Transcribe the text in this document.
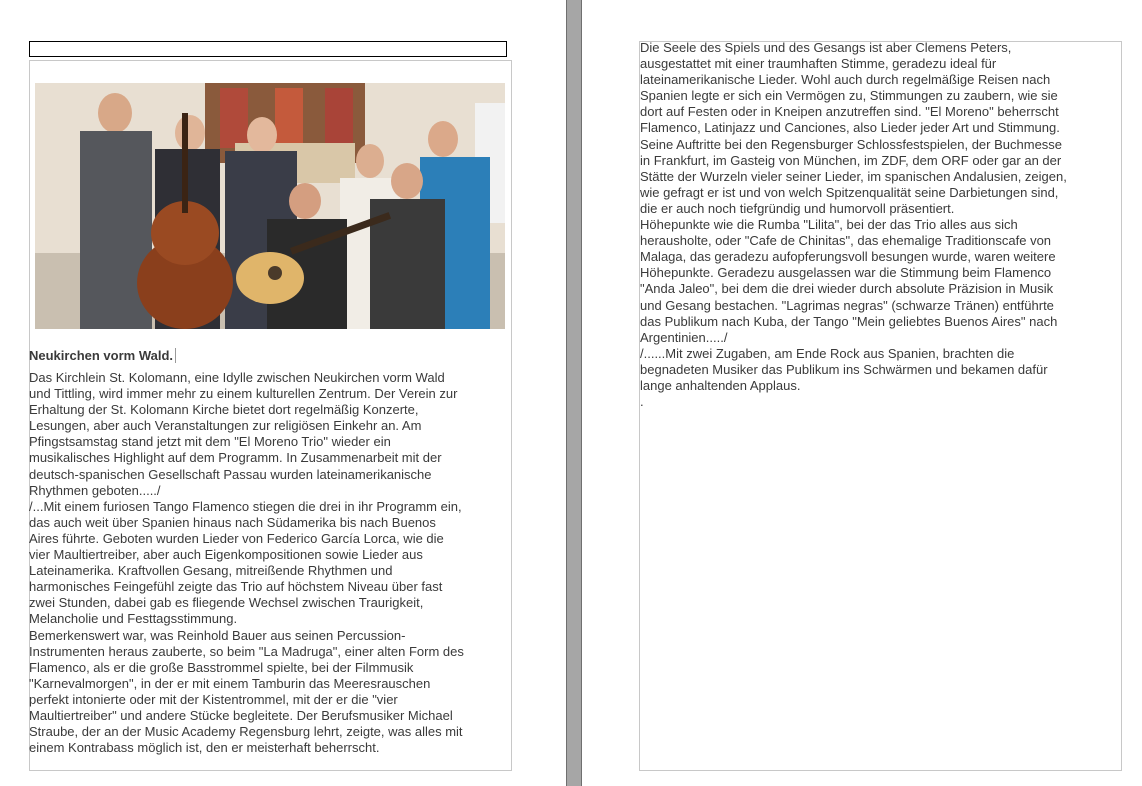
Neukirchen vorm Wald.

Das Kirchlein St. Kolomann, eine Idylle zwischen Neukirchen vorm Wald
und Tittling, wird immer mehr zu einem kulturellen Zentrum. Der Verein zur
Erhaltung der St. Kolomann Kirche bietet dort regelmäßig Konzerte,
Lesungen, aber auch Veranstaltungen zur religiösen Einkehr an. Am
Pfingstsamstag stand jetzt mit dem "El Moreno Trio" wieder ein
musikalisches Highlight auf dem Programm. In Zusammenarbeit mit der
deutsch-spanischen Gesellschaft Passau wurden lateinamerikanische
Rhythmen geboten...../
/...Mit einem furiosen Tango Flamenco stiegen die drei in ihr Programm ein,
das auch weit über Spanien hinaus nach Südamerika bis nach Buenos
Aires führte. Geboten wurden Lieder von Federico García Lorca, wie die
vier Maultiertreiber, aber auch Eigenkompositionen sowie Lieder aus
Lateinamerika. Kraftvollen Gesang, mitreißende Rhythmen und
harmonisches Feingefühl zeigte das Trio auf höchstem Niveau über fast
zwei Stunden, dabei gab es fliegende Wechsel zwischen Traurigkeit,
Melancholie und Festtagsstimmung.
Bemerkenswert war, was Reinhold Bauer aus seinen Percussion-
Instrumenten heraus zauberte, so beim "La Madruga", einer alten Form des
Flamenco, als er die große Basstrommel spielte, bei der Filmmusik
"Karnevalmorgen", in der er mit einem Tamburin das Meeresrauschen
perfekt intonierte oder mit der Kistentrommel, mit der er die "vier
Maultiertreiber" und andere Stücke begleitete. Der Berufsmusiker Michael
Straube, der an der Music Academy Regensburg lehrt, zeigte, was alles mit
einem Kontrabass möglich ist, den er meisterhaft beherrscht.

Die Seele des Spiels und des Gesangs ist aber Clemens Peters,
ausgestattet mit einer traumhaften Stimme, geradezu ideal für
lateinamerikanische Lieder. Wohl auch durch regelmäßige Reisen nach
Spanien legte er sich ein Vermögen zu, Stimmungen zu zaubern, wie sie
dort auf Festen oder in Kneipen anzutreffen sind. "El Moreno" beherrscht
Flamenco, Latinjazz und Canciones, also Lieder jeder Art und Stimmung.
Seine Auftritte bei den Regensburger Schlossfestspielen, der Buchmesse
in Frankfurt, im Gasteig von München, im ZDF, dem ORF oder gar an der
Stätte der Wurzeln vieler seiner Lieder, im spanischen Andalusien, zeigen,
wie gefragt er ist und von welch Spitzenqualität seine Darbietungen sind,
die er auch noch tiefgründig und humorvoll präsentiert.
Höhepunkte wie die Rumba "Lilita", bei der das Trio alles aus sich
herausholte, oder "Cafe de Chinitas", das ehemalige Traditionscafe von
Malaga, das geradezu aufopferungsvoll besungen wurde, waren weitere
Höhepunkte. Geradezu ausgelassen war die Stimmung beim Flamenco
"Anda Jaleo", bei dem die drei wieder durch absolute Präzision in Musik
und Gesang bestachen. "Lagrimas negras" (schwarze Tränen) entführte
das Publikum nach Kuba, der Tango "Mein geliebtes Buenos Aires" nach
Argentinien...../
/......Mit zwei Zugaben, am Ende Rock aus Spanien, brachten die
begnadeten Musiker das Publikum ins Schwärmen und bekamen dafür
lange anhaltenden Applaus.
.
